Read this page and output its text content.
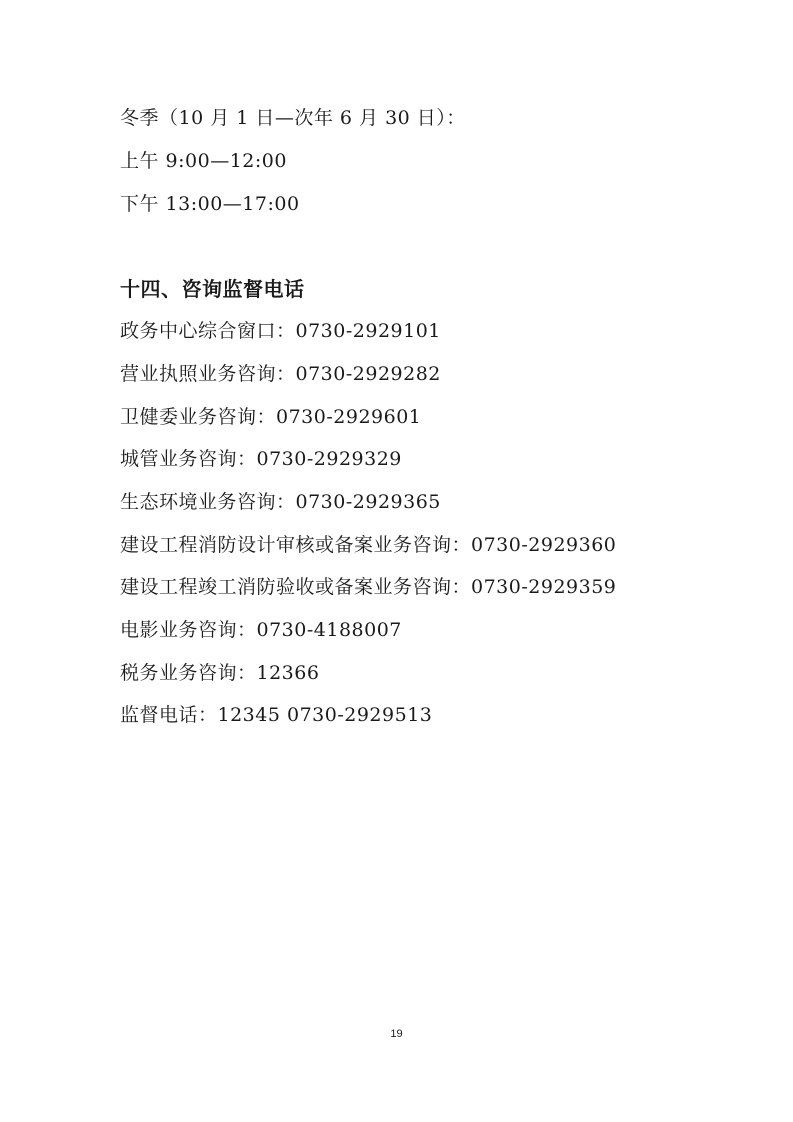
冬季（10 月 1 日—次年 6 月 30 日）：
上午 9:00—12:00
下午 13:00—17:00
十四、咨询监督电话
政务中心综合窗口：0730-2929101
营业执照业务咨询：0730-2929282
卫健委业务咨询：0730-2929601
城管业务咨询：0730-2929329
生态环境业务咨询：0730-2929365
建设工程消防设计审核或备案业务咨询：0730-2929360
建设工程竣工消防验收或备案业务咨询：0730-2929359
电影业务咨询：0730-4188007
税务业务咨询：12366
监督电话：12345 0730-2929513
19
